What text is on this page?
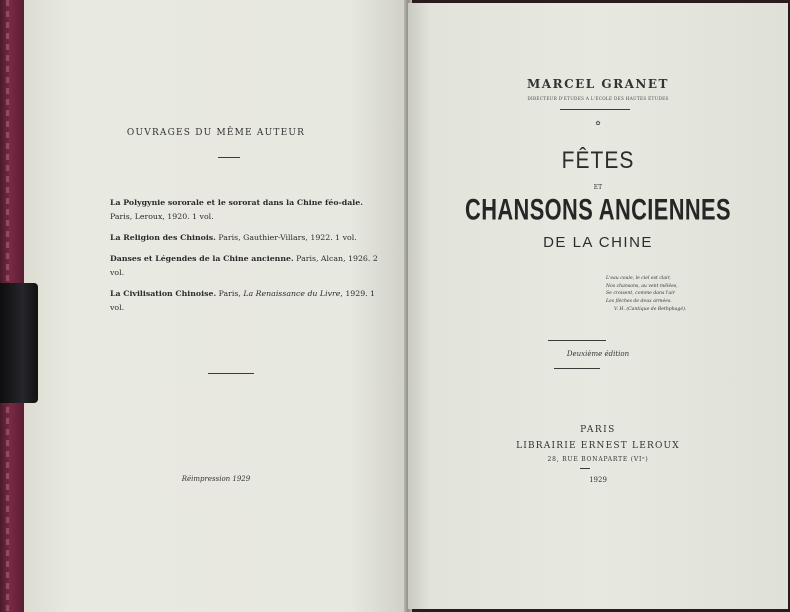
OUVRAGES DU MÊME AUTEUR
La Polygynie sororale et le sororat dans la Chine féo-dale. Paris, Leroux, 1920. 1 vol.
La Religion des Chinois. Paris, Gauthier-Villars, 1922. 1 vol.
Danses et Légendes de la Chine ancienne. Paris, Alcan, 1926. 2 vol.
La Civilisation Chinoise. Paris, La Renaissance du Livre, 1929. 1 vol.
Réimpression 1929
MARCEL GRANET
DIRECTEUR D'ÉTUDES A L'ÉCOLE DES HAUTES ÉTUDES
✿
FÊTES
ET
CHANSONS ANCIENNES
DE LA CHINE
L'eau coule, le ciel est clair,
Nos chansons, au vent mêlées,
Se croisent, comme dans l'air
Les flèches de deux armées.
V. H. (Cantique de Bethphagé).
Deuxième édition
PARIS
LIBRAIRIE ERNEST LEROUX
28, RUE BONAPARTE (VIᵉ)
1929
